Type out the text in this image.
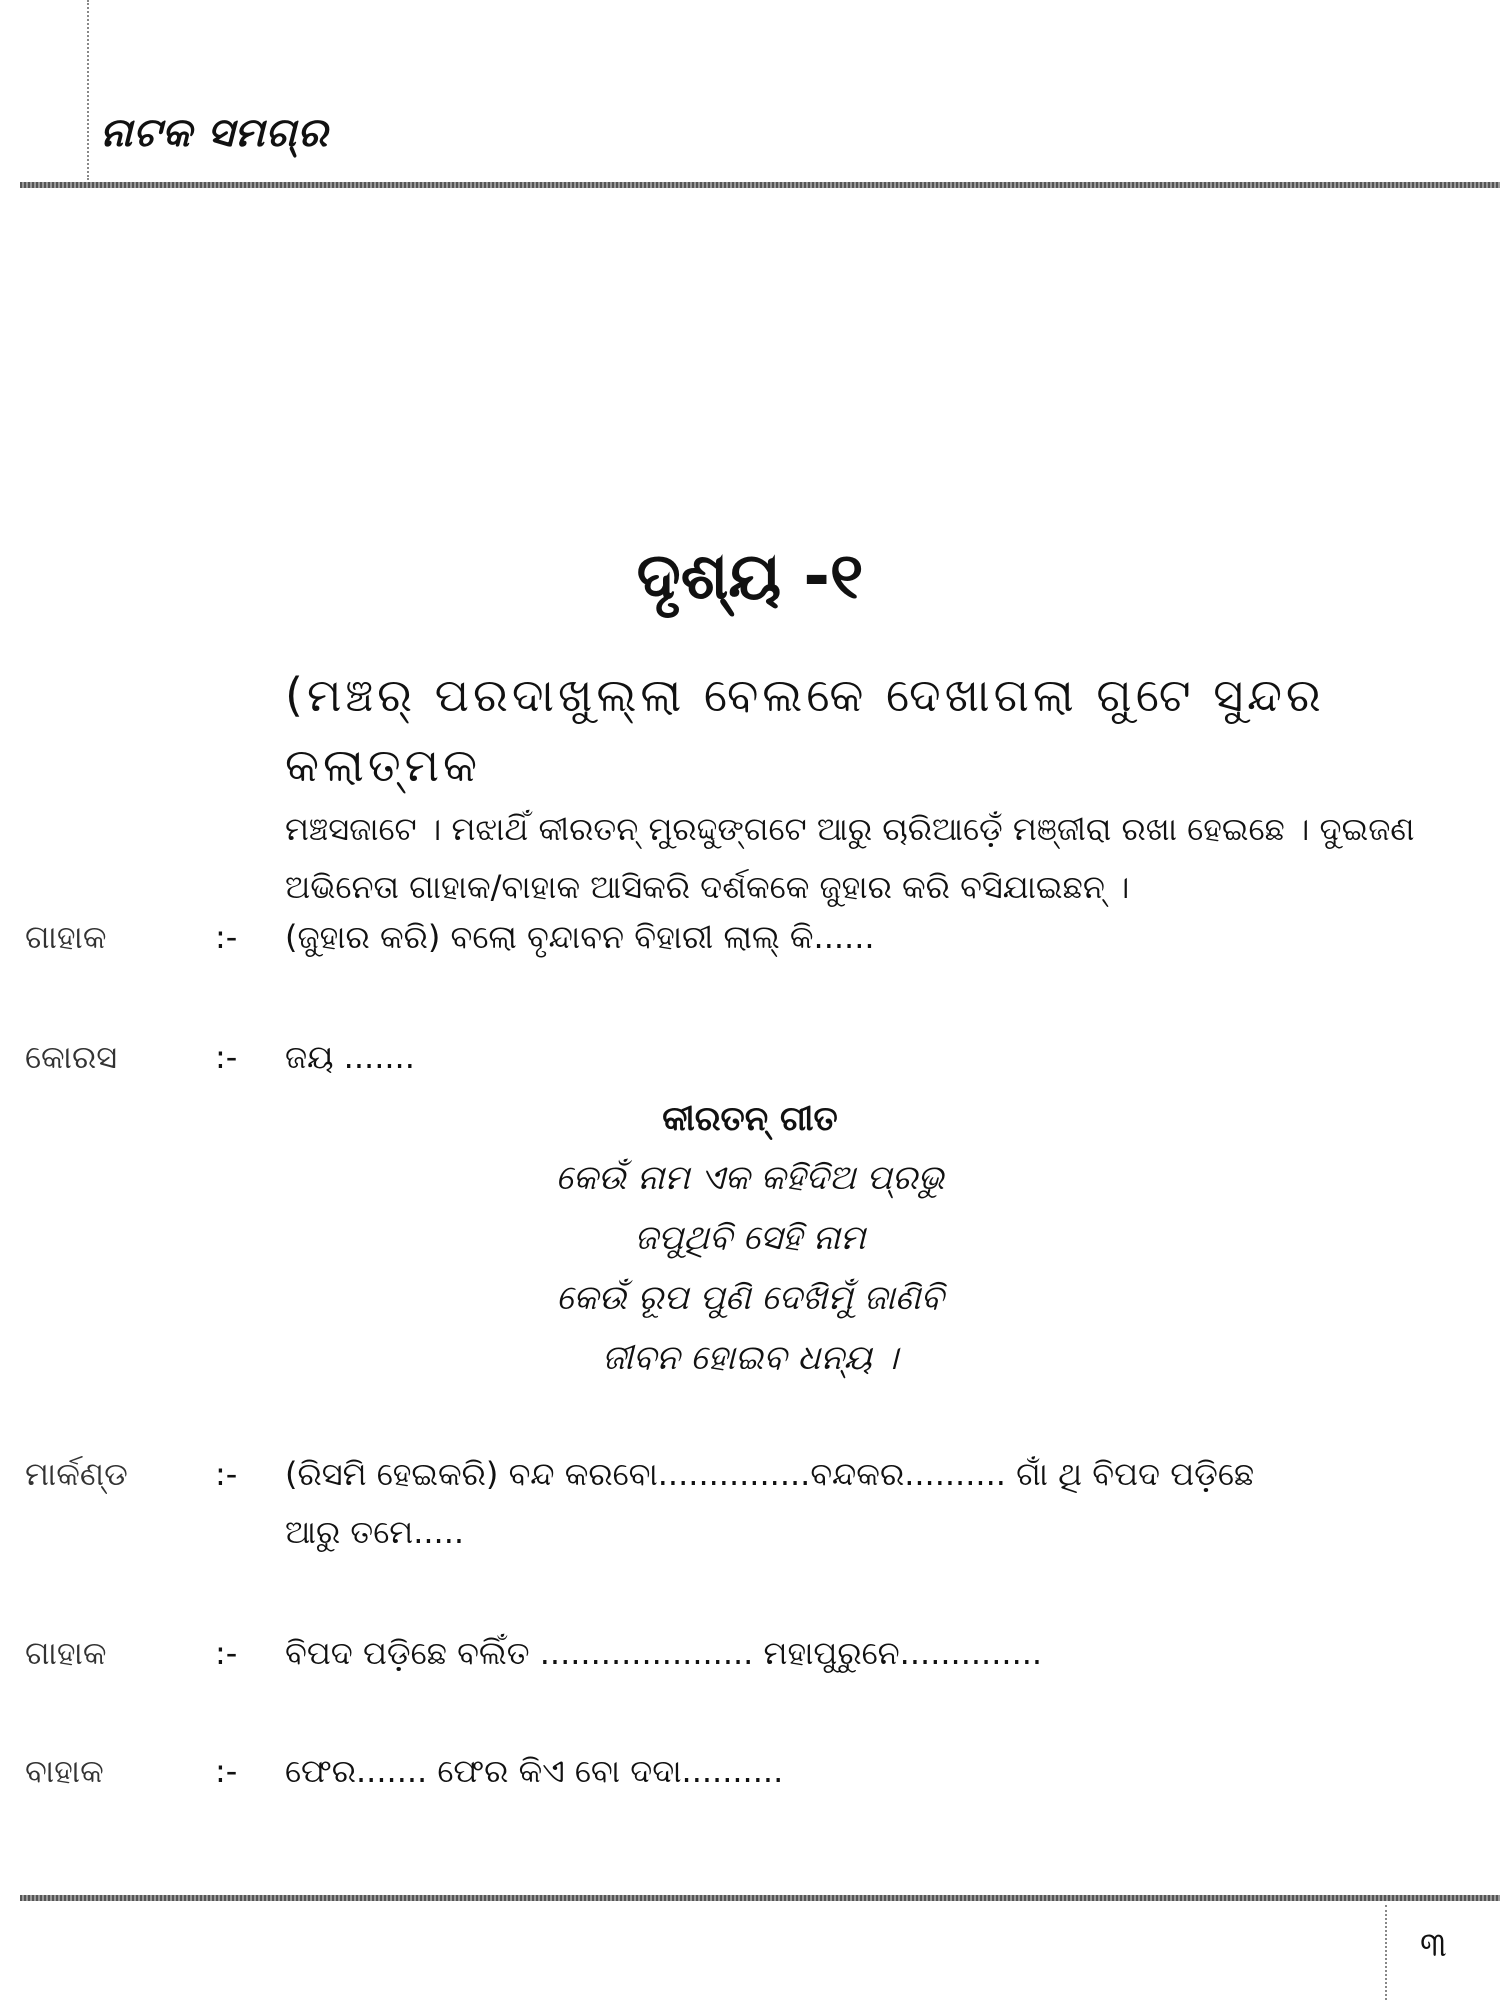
ନାଟକ ସମଗ୍ର
ଦୃଶ୍ୟ -୧
(ମଞ୍ଚର୍ ପରଦାଖୁଲ୍ଲା ବେଲକେ ଦେଖାଗଲା ଗୁଟେ ସୁନ୍ଦର କଲାତ୍ମକ
ମଞ୍ଚସଜାଟେ । ମଝାଥିଁ କୀରତନ୍ ମୁରଦ୍ଦୁଙ୍ଗଟେ ଆରୁ ଚାରିଆଡ଼େଁ ମଞ୍ଜୀରା ରଖା ହେଇଛେ । ଦୁଇଜଣ
ଅଭିନେତା ଗାହାକ/ବାହାକ ଆସିକରି ଦର୍ଶକକେ ଜୁହାର କରି ବସିଯାଇଛନ୍ ।
ଗାହାକ	:-	(ଜୁହାର କରି) ବଲୋ ବୃନ୍ଦାବନ ବିହାରୀ ଲାଲ୍ କି......
କୋରସ	:-	ଜୟ .......
କୀରତନ୍ ଗୀତ
କେଉଁ ନାମ ଏକ କହିଦିଅ ପ୍ରଭୁ
ଜପୁଥିବି ସେହି ନାମ
କେଉଁ ରୂପ ପୁଣି ଦେଖିମୁଁ ଜାଣିବି
ଜୀବନ ହୋଇବ ଧନ୍ୟ ।
ମାର୍କଣ୍ଡ	:-	(ରିସମି ହେଇକରି) ବନ୍ଦ କରବୋ...............ବନ୍ଦକର.......... ଗାଁ ଥି ବିପଦ ପଡ଼ିଛେ
ଆରୁ ତମେ.....
ଗାହାକ	:-	ବିପଦ ପଡ଼ିଛେ ବଲିଁତ ..................... ମହାପୁରୁନେ..............
ବାହାକ	:-	ଫେର....... ଫେର କିଏ ବୋ ଦଦା..........
୩
